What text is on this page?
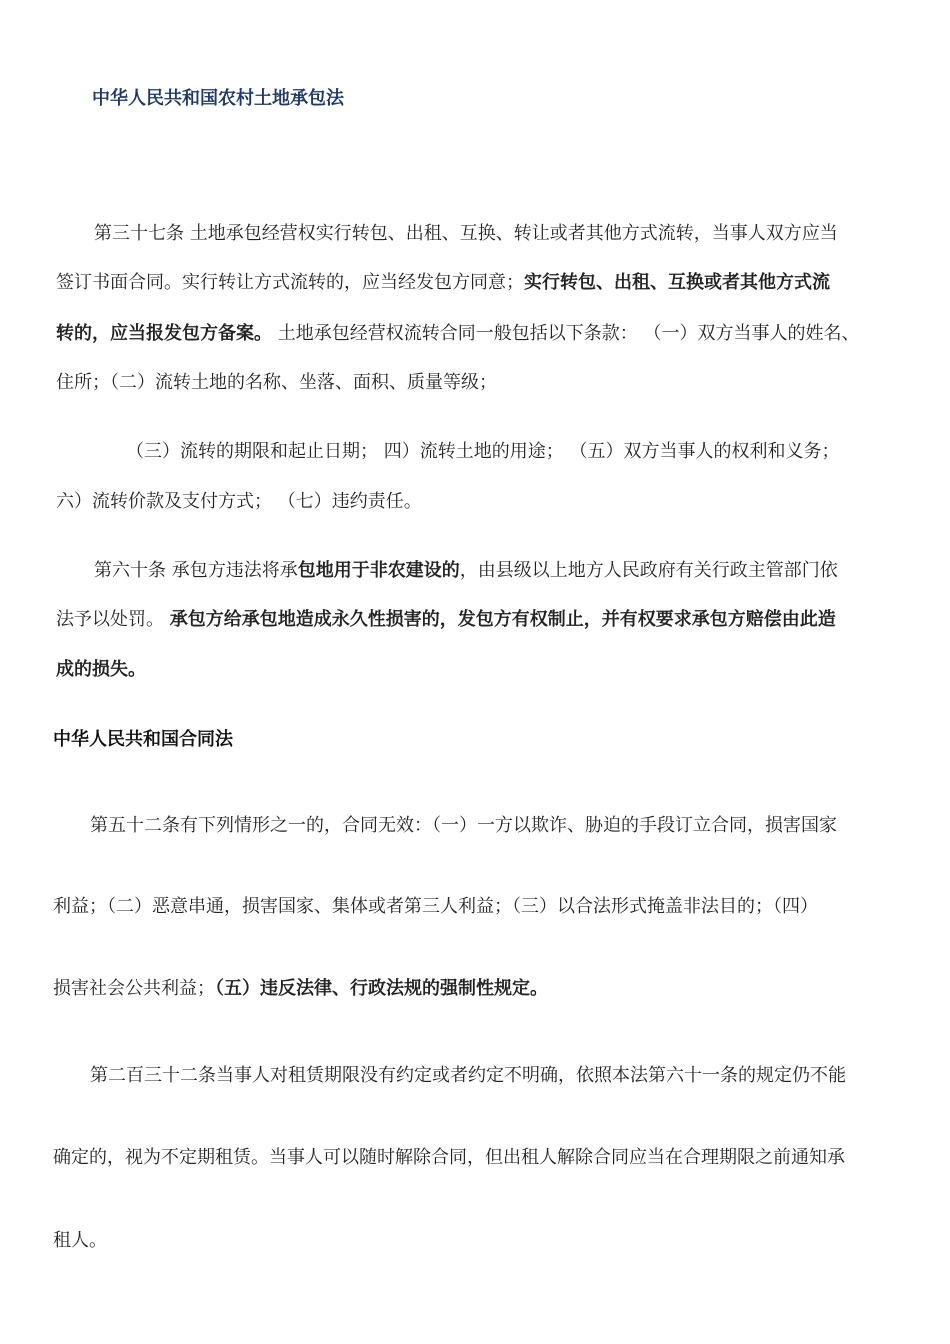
中华人民共和国农村土地承包法
第三十七条 土地承包经营权实行转包、出租、互换、转让或者其他方式流转，当事人双方应当
签订书面合同。实行转让方式流转的，应当经发包方同意；实行转包、出租、互换或者其他方式流
转的，应当报发包方备案。 土地承包经营权流转合同一般包括以下条款： （一）双方当事人的姓名、
住所；（二）流转土地的名称、坐落、面积、质量等级；
（三）流转的期限和起止日期； 四）流转土地的用途； （五）双方当事人的权利和义务；
六）流转价款及支付方式； （七）违约责任。
第六十条 承包方违法将承包地用于非农建设的，由县级以上地方人民政府有关行政主管部门依
法予以处罚。 承包方给承包地造成永久性损害的，发包方有权制止，并有权要求承包方赔偿由此造
成的损失。
中华人民共和国合同法
第五十二条有下列情形之一的，合同无效：（一）一方以欺诈、胁迫的手段订立合同，损害国家
利益；（二）恶意串通，损害国家、集体或者第三人利益；（三）以合法形式掩盖非法目的；（四）
损害社会公共利益；（五）违反法律、行政法规的强制性规定。
第二百三十二条当事人对租赁期限没有约定或者约定不明确，依照本法第六十一条的规定仍不能
确定的，视为不定期租赁。当事人可以随时解除合同，但出租人解除合同应当在合理期限之前通知承
租人。
